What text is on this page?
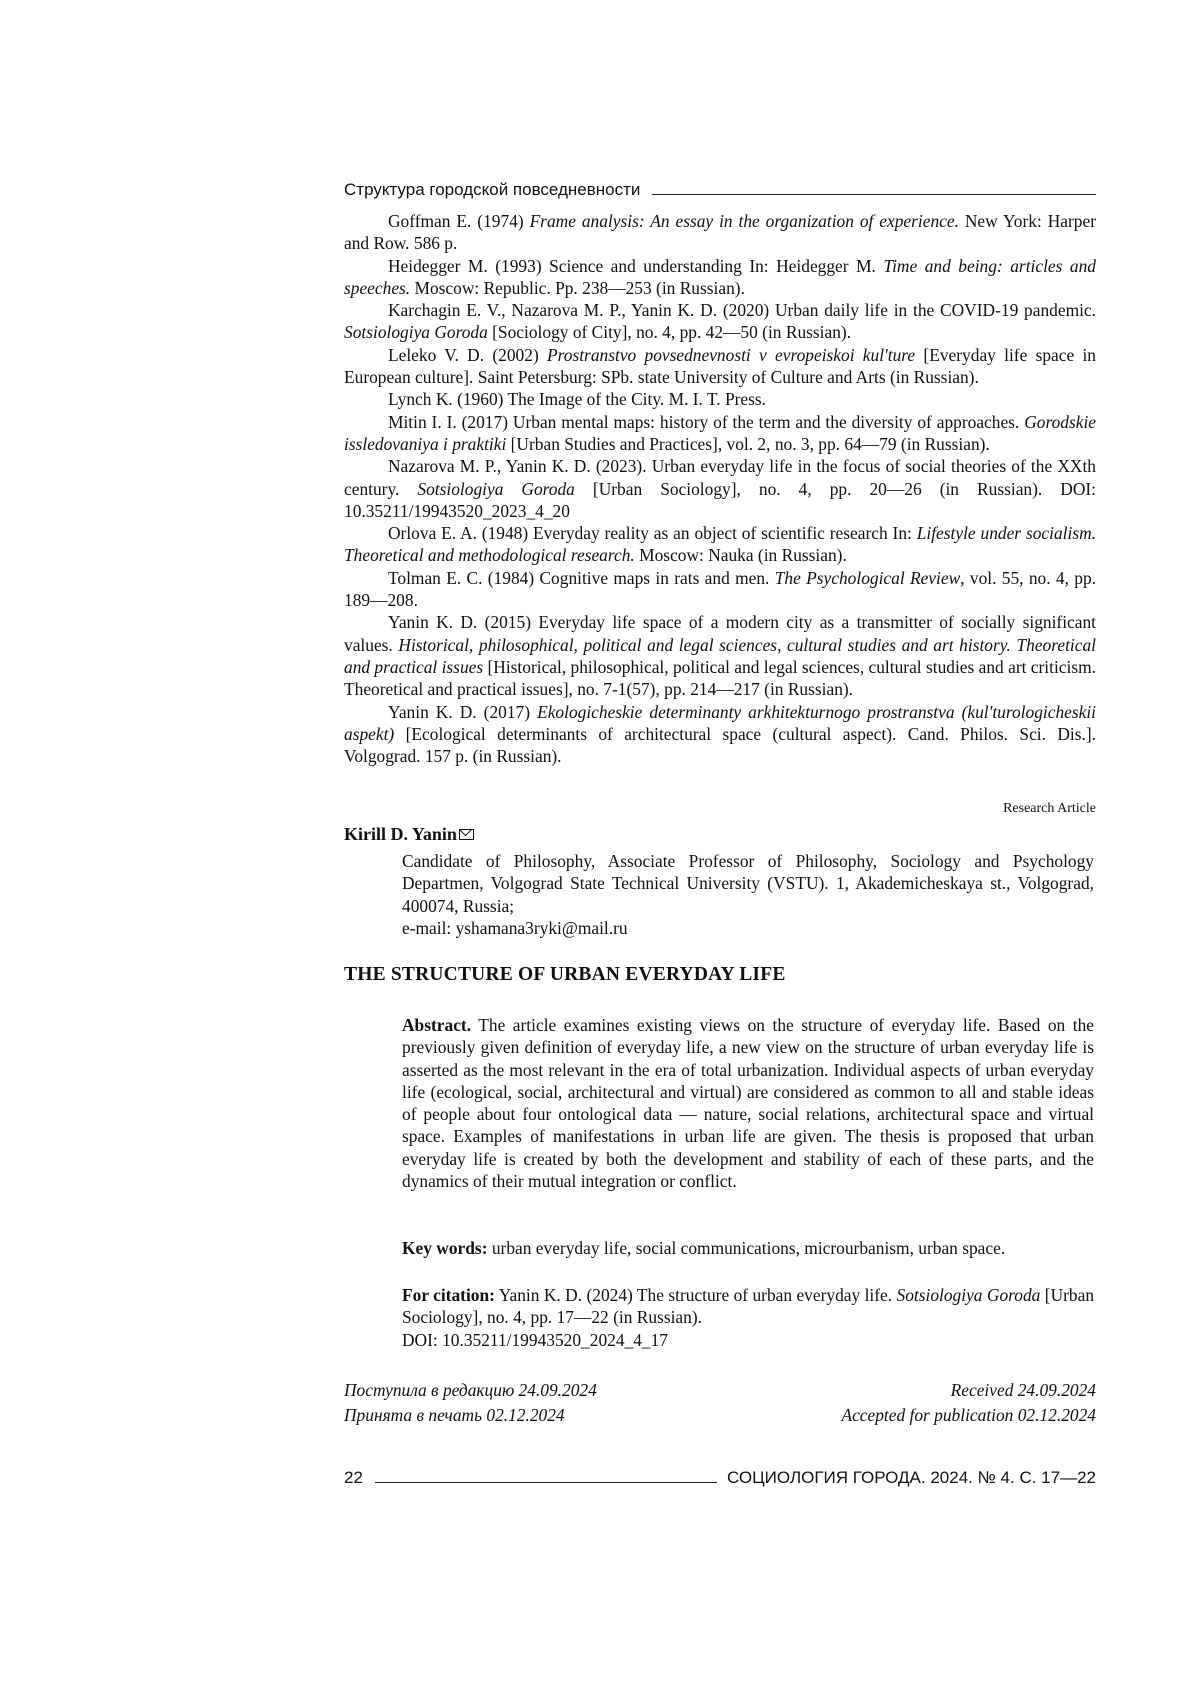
Структура городской повседневности

Goffman E. (1974) Frame analysis: An essay in the organization of experience. New York: Harper and Row. 586 p.

Heidegger M. (1993) Science and understanding In: Heidegger M. Time and being: articles and speeches. Moscow: Republic. Pp. 238—253 (in Russian).

Karchagin E. V., Nazarova M. P., Yanin K. D. (2020) Urban daily life in the COVID-19 pandemic. Sotsiologiya Goroda [Sociology of City], no. 4, pp. 42—50 (in Russian).

Leleko V. D. (2002) Prostranstvo povsednevnosti v evropeiskoi kul'ture [Everyday life space in European culture]. Saint Petersburg: SPb. state University of Culture and Arts (in Russian).

Lynch K. (1960) The Image of the City. M. I. T. Press.

Mitin I. I. (2017) Urban mental maps: history of the term and the diversity of approaches. Gorodskie issledovaniya i praktiki [Urban Studies and Practices], vol. 2, no. 3, pp. 64—79 (in Russian).

Nazarova M. P., Yanin K. D. (2023). Urban everyday life in the focus of social theories of the XXth century. Sotsiologiya Goroda [Urban Sociology], no. 4, pp. 20—26 (in Russian). DOI: 10.35211/19943520_2023_4_20

Orlova E. A. (1948) Everyday reality as an object of scientific research In: Lifestyle under socialism. Theoretical and methodological research. Moscow: Nauka (in Russian).

Tolman E. C. (1984) Cognitive maps in rats and men. The Psychological Review, vol. 55, no. 4, pp. 189—208.

Yanin K. D. (2015) Everyday life space of a modern city as a transmitter of socially significant values. Historical, philosophical, political and legal sciences, cultural studies and art history. Theoretical and practical issues [Historical, philosophical, political and legal sciences, cultural studies and art criticism. Theoretical and practical issues], no. 7-1(57), pp. 214—217 (in Russian).

Yanin K. D. (2017) Ekologicheskie determinanty arkhitekturnogo prostranstva (kul'turologicheskii aspekt) [Ecological determinants of architectural space (cultural aspect). Cand. Philos. Sci. Dis.]. Volgograd. 157 p. (in Russian).

Research Article
Kirill D. Yanin

Candidate of Philosophy, Associate Professor of Philosophy, Sociology and Psychology Departmen, Volgograd State Technical University (VSTU). 1, Akademicheskaya st., Volgograd, 400074, Russia;

e-mail: yshamana3ryki@mail.ru

THE STRUCTURE OF URBAN EVERYDAY LIFE

Abstract. The article examines existing views on the structure of everyday life. Based on the previously given definition of everyday life, a new view on the structure of urban everyday life is asserted as the most relevant in the era of total urbanization. Individual aspects of urban everyday life (ecological, social, architectural and virtual) are considered as common to all and stable ideas of people about four ontological data — nature, social relations, architectural space and virtual space. Examples of manifestations in urban life are given. The thesis is proposed that urban everyday life is created by both the development and stability of each of these parts, and the dynamics of their mutual integration or conflict.

Key words: urban everyday life, social communications, microurbanism, urban space.

For citation: Yanin K. D. (2024) The structure of urban everyday life. Sotsiologiya Goroda [Urban Sociology], no. 4, pp. 17—22 (in Russian).

DOI: 10.35211/19943520_2024_4_17

Поступила в редакцию 24.09.2024
Принята в печать 02.12.2024
Received 24.09.2024
Accepted for publication 02.12.2024
22	СОЦИОЛОГИЯ ГОРОДА. 2024. № 4. С. 17—22
